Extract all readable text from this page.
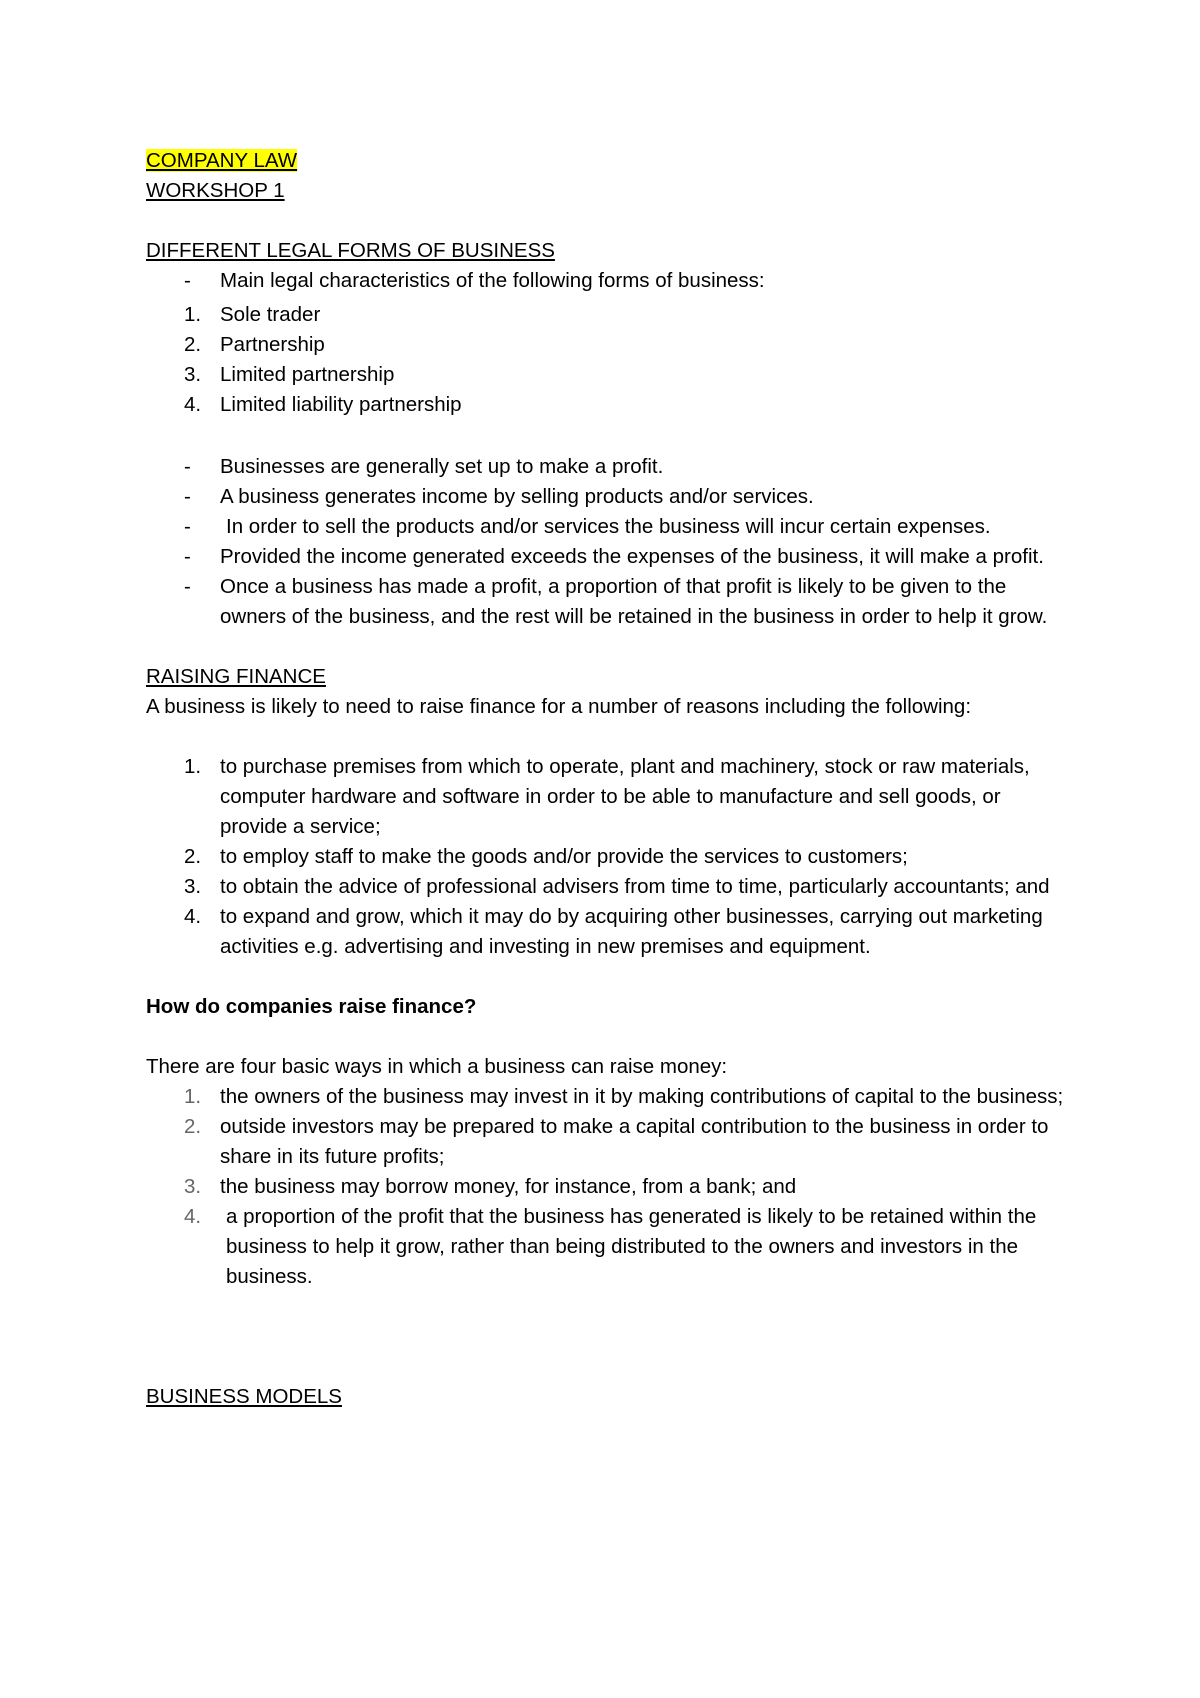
COMPANY LAW
WORKSHOP 1
DIFFERENT LEGAL FORMS OF BUSINESS
- Main legal characteristics of the following forms of business:
1. Sole trader
2. Partnership
3. Limited partnership
4. Limited liability partnership
- Businesses are generally set up to make a profit.
- A business generates income by selling products and/or services.
- In order to sell the products and/or services the business will incur certain expenses.
- Provided the income generated exceeds the expenses of the business, it will make a profit.
- Once a business has made a profit, a proportion of that profit is likely to be given to the owners of the business, and the rest will be retained in the business in order to help it grow.
RAISING FINANCE
A business is likely to need to raise finance for a number of reasons including the following:
1. to purchase premises from which to operate, plant and machinery, stock or raw materials, computer hardware and software in order to be able to manufacture and sell goods, or provide a service;
2. to employ staff to make the goods and/or provide the services to customers;
3. to obtain the advice of professional advisers from time to time, particularly accountants; and
4. to expand and grow, which it may do by acquiring other businesses, carrying out marketing activities e.g. advertising and investing in new premises and equipment.
How do companies raise finance?
There are four basic ways in which a business can raise money:
1. the owners of the business may invest in it by making contributions of capital to the business;
2. outside investors may be prepared to make a capital contribution to the business in order to share in its future profits;
3. the business may borrow money, for instance, from a bank; and
4. a proportion of the profit that the business has generated is likely to be retained within the business to help it grow, rather than being distributed to the owners and investors in the business.
BUSINESS MODELS
